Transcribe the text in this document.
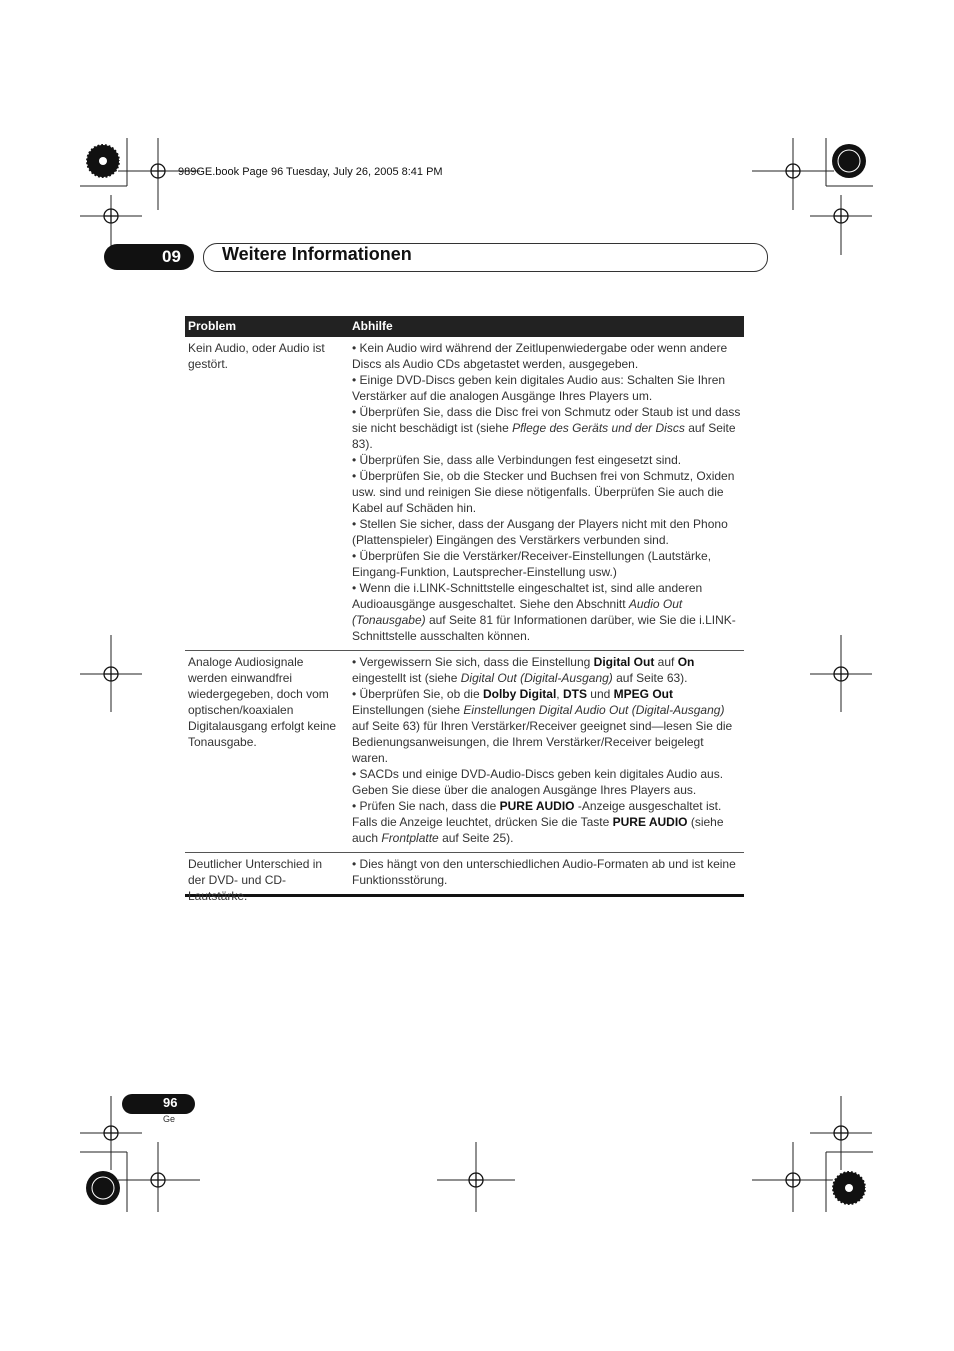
989GE.book Page 96 Tuesday, July 26, 2005 8:41 PM
09 Weitere Informationen
Problem	Abhilfe
Kein Audio, oder Audio ist gestört.

• Kein Audio wird während der Zeitlupenwiedergabe oder wenn andere Discs als Audio CDs abgetastet werden, ausgegeben.

• Einige DVD-Discs geben kein digitales Audio aus: Schalten Sie Ihren Verstärker auf die analogen Ausgänge Ihres Players um.

• Überprüfen Sie, dass die Disc frei von Schmutz oder Staub ist und dass sie nicht beschädigt ist (siehe Pflege des Geräts und der Discs auf Seite 83).

• Überprüfen Sie, dass alle Verbindungen fest eingesetzt sind.

• Überprüfen Sie, ob die Stecker und Buchsen frei von Schmutz, Oxiden usw. sind und reinigen Sie diese nötigenfalls. Überprüfen Sie auch die Kabel auf Schäden hin.

• Stellen Sie sicher, dass der Ausgang der Players nicht mit den Phono (Plattenspieler) Eingängen des Verstärkers verbunden sind.

• Überprüfen Sie die Verstärker/Receiver-Einstellungen (Lautstärke, Eingang-Funktion, Lautsprecher-Einstellung usw.)

• Wenn die i.LINK-Schnittstelle eingeschaltet ist, sind alle anderen Audioausgänge ausgeschaltet. Siehe den Abschnitt Audio Out (Tonausgabe) auf Seite 81 für Informationen darüber, wie Sie die i.LINK-Schnittstelle ausschalten können.

Analoge Audiosignale werden einwandfrei wiedergegeben, doch vom optischen/koaxialen Digitalausgang erfolgt keine Tonausgabe.

• Vergewissern Sie sich, dass die Einstellung Digital Out auf On eingestellt ist (siehe Digital Out (Digital-Ausgang) auf Seite 63).

• Überprüfen Sie, ob die Dolby Digital, DTS und MPEG Out Einstellungen (siehe Einstellungen Digital Audio Out (Digital-Ausgang) auf Seite 63) für Ihren Verstärker/Receiver geeignet sind—lesen Sie die Bedienungsanweisungen, die Ihrem Verstärker/Receiver beigelegt waren.

• SACDs und einige DVD-Audio-Discs geben kein digitales Audio aus. Geben Sie diese über die analogen Ausgänge Ihres Players aus.

• Prüfen Sie nach, dass die PURE AUDIO -Anzeige ausgeschaltet ist. Falls die Anzeige leuchtet, drücken Sie die Taste PURE AUDIO (siehe auch Frontplatte auf Seite 25).

Deutlicher Unterschied in der DVD- und CD-Lautstärke.

• Dies hängt von den unterschiedlichen Audio-Formaten ab und ist keine Funktionsstörung.

96
Ge
